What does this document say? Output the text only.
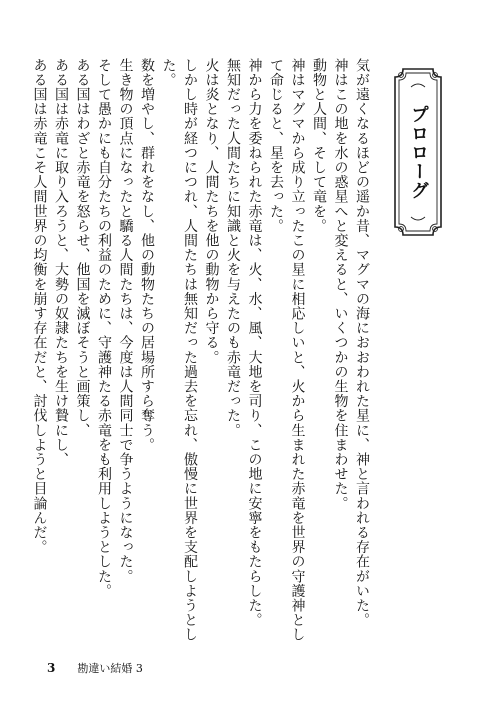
プロローグ

気が遠くなるほどの遥か昔、マグマの海におおわれた星に、神と言われる存在がいた。

神はこの地を水の惑星へと変えると、いくつかの生物を住まわせた。

動物と人間、そして竜を。

神はマグマから成り立ったこの星に相応しいと、火から生まれた赤竜を世界の守護神として命じると、星を去った。

神から力を委ねられた赤竜は、火、水、風、大地を司り、この地に安寧をもたらした。

無知だった人間たちに知識と火を与えたのも赤竜だった。

火は炎となり、人間たちを他の動物から守る。

しかし時が経つにつれ、人間たちは無知だった過去を忘れ、傲慢に世界を支配しようとした。

数を増やし、群れをなし、他の動物たちの居場所すら奪う。

生き物の頂点になったと驕る人間たちは、今度は人間同士で争うようになった。

そして愚かにも自分たちの利益のために、守護神たる赤竜をも利用しようとした。

ある国はわざと赤竜を怒らせ、他国を滅ぼそうと画策し、

ある国は赤竜に取り入ろうと、大勢の奴隷たちを生け贄にし、

ある国は赤竜こそ人間世界の均衡を崩す存在だと、討伐しようと目論んだ。

3 勘違い結婚 3
